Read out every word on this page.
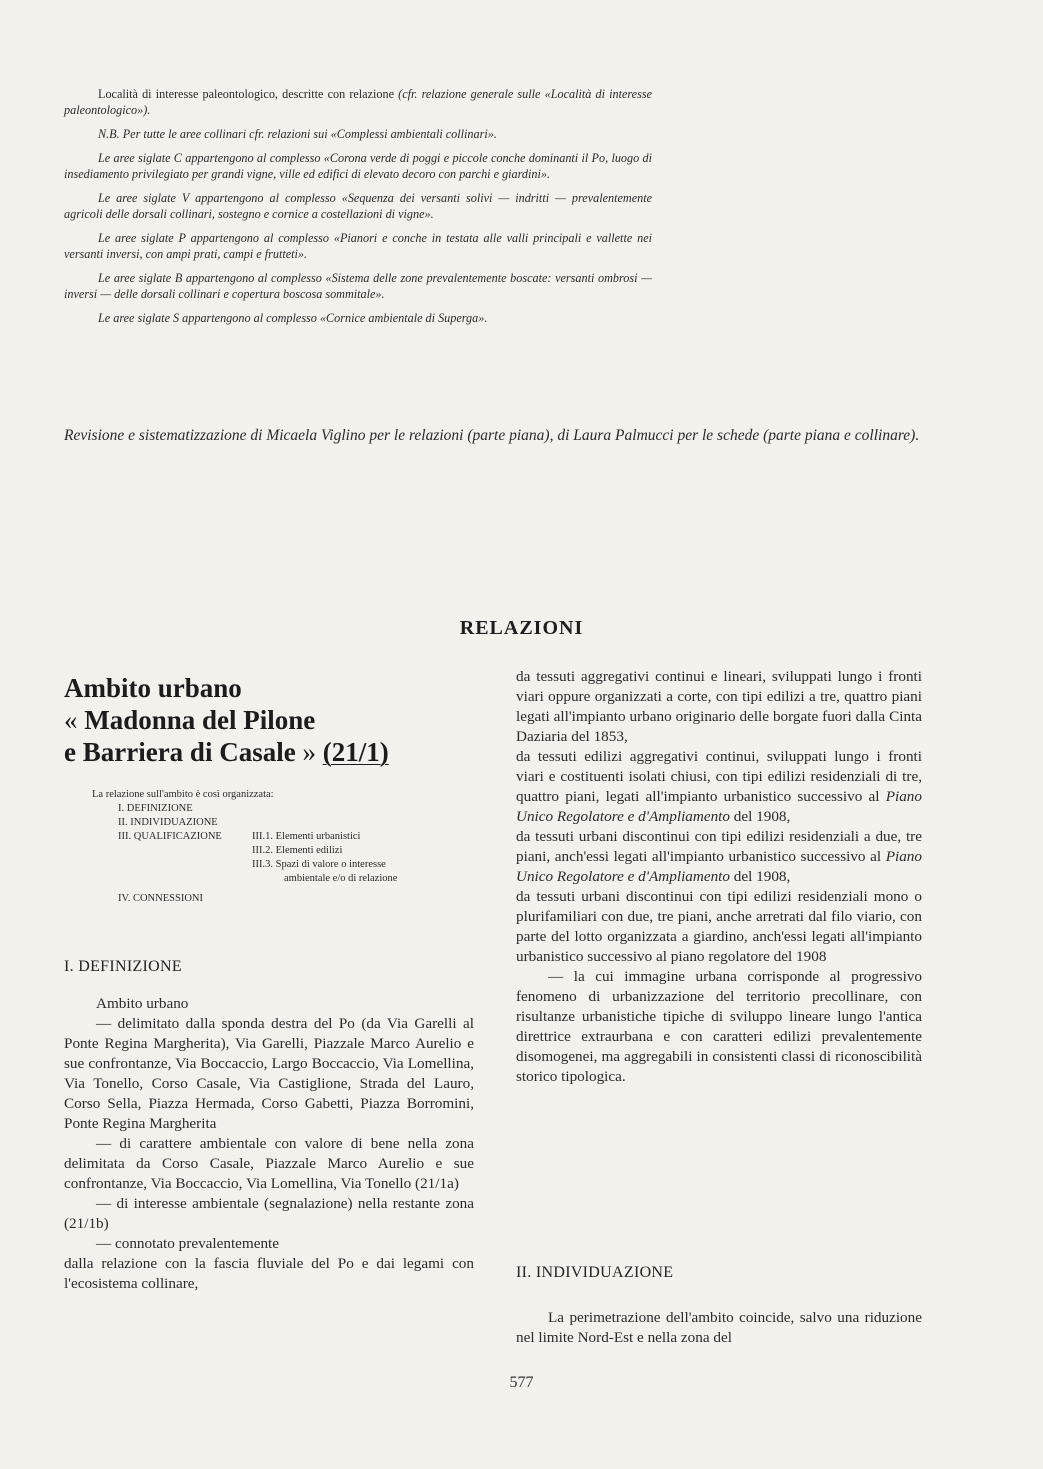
Località di interesse paleontologico, descritte con relazione (cfr. relazione generale sulle «Località di interesse paleontologico»).

N.B. Per tutte le aree collinari cfr. relazioni sui «Complessi ambientali collinari».

Le aree siglate C appartengono al complesso «Corona verde di poggi e piccole conche dominanti il Po, luogo di insediamento privilegiato per grandi vigne, ville ed edifici di elevato decoro con parchi e giardini».

Le aree siglate V appartengono al complesso «Sequenza dei versanti solivi — indritti — prevalentemente agricoli delle dorsali collinari, sostegno e cornice a costellazioni di vigne».

Le aree siglate P appartengono al complesso «Pianori e conche in testata alle valli principali e vallette nei versanti inversi, con ampi prati, campi e frutteti».

Le aree siglate B appartengono al complesso «Sistema delle zone prevalentemente boscate: versanti ombrosi — inversi — delle dorsali collinari e copertura boscosa sommitale».

Le aree siglate S appartengono al complesso «Cornice ambientale di Superga».

Revisione e sistematizzazione di Micaela Viglino per le relazioni (parte piana), di Laura Palmucci per le schede (parte piana e collinare).
RELAZIONI
Ambito urbano
« Madonna del Pilone
e Barriera di Casale » (21/1)
La relazione sull'ambito è così organizzata:
I. DEFINIZIONE
II. INDIVIDUAZIONE
III. QUALIFICAZIONE	III.1. Elementi urbanistici
III.2. Elementi edilizi
III.3. Spazi di valore o interesse
ambientale e/o di relazione
IV. CONNESSIONI
I. DEFINIZIONE

Ambito urbano

— delimitato dalla sponda destra del Po (da Via Garelli al Ponte Regina Margherita), Via Garelli, Piazzale Marco Aurelio e sue confrontanze, Via Boccaccio, Largo Boccaccio, Via Lomellina, Via Tonello, Corso Casale, Via Castiglione, Strada del Lauro, Corso Sella, Piazza Hermada, Corso Gabetti, Piazza Borromini, Ponte Regina Margherita

— di carattere ambientale con valore di bene nella zona delimitata da Corso Casale, Piazzale Marco Aurelio e sue confrontanze, Via Boccaccio, Via Lomellina, Via Tonello (21/1a)

— di interesse ambientale (segnalazione) nella restante zona (21/1b)

— connotato prevalentemente

dalla relazione con la fascia fluviale del Po e dai legami con l'ecosistema collinare,

da tessuti aggregativi continui e lineari, sviluppati lungo i fronti viari oppure organizzati a corte, con tipi edilizi a tre, quattro piani legati all'impianto urbano originario delle borgate fuori dalla Cinta Daziaria del 1853,

da tessuti edilizi aggregativi continui, sviluppati lungo i fronti viari e costituenti isolati chiusi, con tipi edilizi residenziali di tre, quattro piani, legati all'impianto urbanistico successivo al Piano Unico Regolatore e d'Ampliamento del 1908,

da tessuti urbani discontinui con tipi edilizi residenziali a due, tre piani, anch'essi legati all'impianto urbanistico successivo al Piano Unico Regolatore e d'Ampliamento del 1908,

da tessuti urbani discontinui con tipi edilizi residenziali mono o plurifamiliari con due, tre piani, anche arretrati dal filo viario, con parte del lotto organizzata a giardino, anch'essi legati all'impianto urbanistico successivo al piano regolatore del 1908

— la cui immagine urbana corrisponde al progressivo fenomeno di urbanizzazione del territorio precollinare, con risultanze urbanistiche tipiche di sviluppo lineare lungo l'antica direttrice extraurbana e con caratteri edilizi prevalentemente disomogenei, ma aggregabili in consistenti classi di riconoscibilità storico tipologica.

II. INDIVIDUAZIONE

La perimetrazione dell'ambito coincide, salvo una riduzione nel limite Nord-Est e nella zona del

577
